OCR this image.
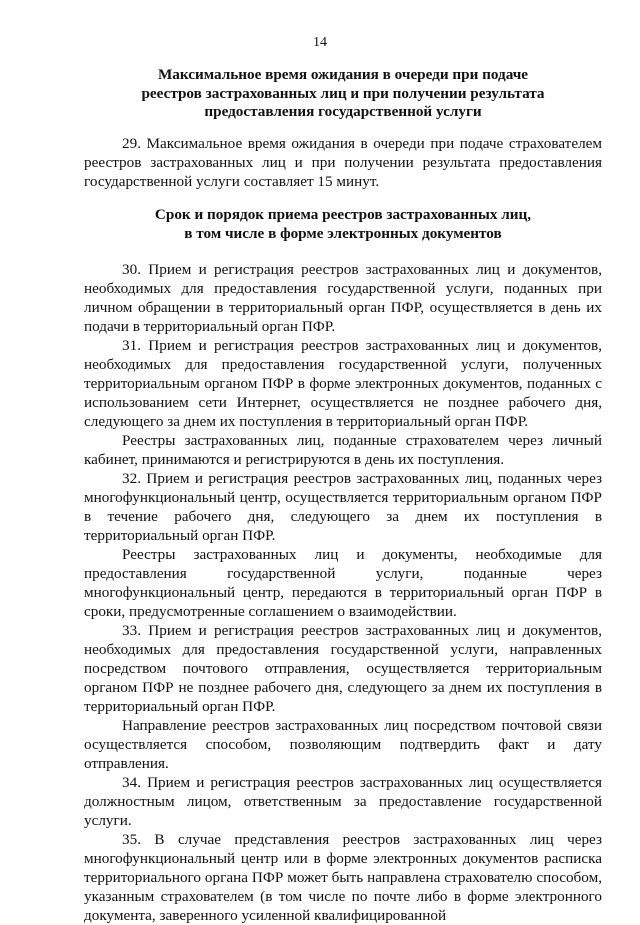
14
Максимальное время ожидания в очереди при подаче
реестров застрахованных лиц и при получении результата
предоставления государственной услуги

29. Максимальное время ожидания в очереди при подаче страхователем реестров застрахованных лиц и при получении результата предоставления государственной услуги составляет 15 минут.

Срок и порядок приема реестров застрахованных лиц,
в том числе в форме электронных документов

30. Прием и регистрация реестров застрахованных лиц и документов, необходимых для предоставления государственной услуги, поданных при личном обращении в территориальный орган ПФР, осуществляется в день их подачи в территориальный орган ПФР.

31. Прием и регистрация реестров застрахованных лиц и документов, необходимых для предоставления государственной услуги, полученных территориальным органом ПФР в форме электронных документов, поданных с использованием сети Интернет, осуществляется не позднее рабочего дня, следующего за днем их поступления в территориальный орган ПФР.

Реестры застрахованных лиц, поданные страхователем через личный кабинет, принимаются и регистрируются в день их поступления.

32. Прием и регистрация реестров застрахованных лиц, поданных через многофункциональный центр, осуществляется территориальным органом ПФР в течение рабочего дня, следующего за днем их поступления в территориальный орган ПФР.

Реестры застрахованных лиц и документы, необходимые для предоставления государственной услуги, поданные через многофункциональный центр, передаются в территориальный орган ПФР в сроки, предусмотренные соглашением о взаимодействии.

33. Прием и регистрация реестров застрахованных лиц и документов, необходимых для предоставления государственной услуги, направленных посредством почтового отправления, осуществляется территориальным органом ПФР не позднее рабочего дня, следующего за днем их поступления в территориальный орган ПФР.

Направление реестров застрахованных лиц посредством почтовой связи осуществляется способом, позволяющим подтвердить факт и дату отправления.

34. Прием и регистрация реестров застрахованных лиц осуществляется должностным лицом, ответственным за предоставление государственной услуги.

35. В случае представления реестров застрахованных лиц через многофункциональный центр или в форме электронных документов расписка территориального органа ПФР может быть направлена страхователю способом, указанным страхователем (в том числе по почте либо в форме электронного документа, заверенного усиленной квалифицированной
